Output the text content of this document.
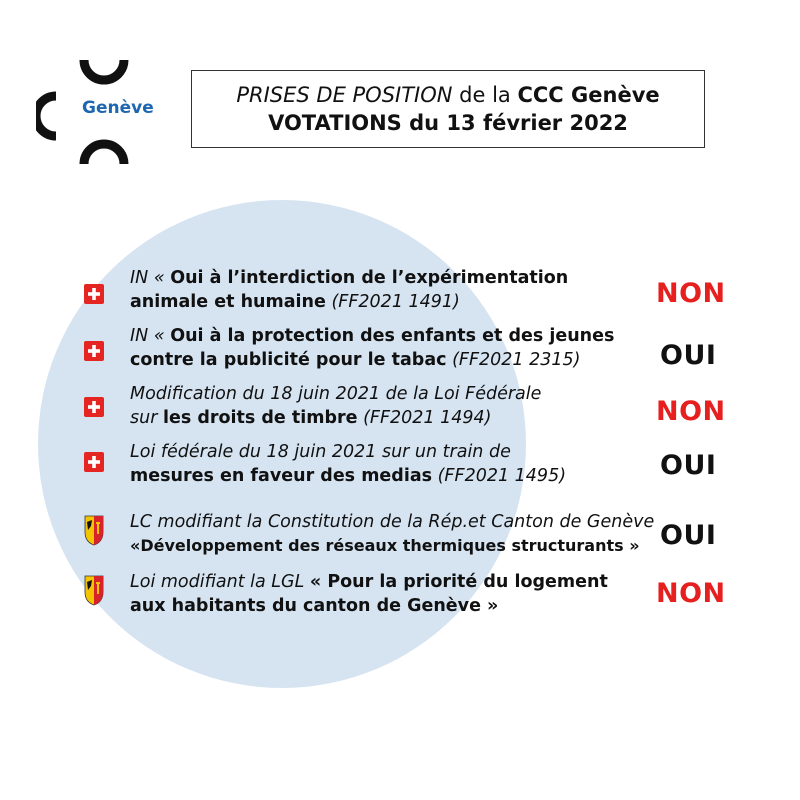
Genève
PRISES DE POSITION de la CCC Genève
VOTATIONS du 13 février 2022
IN « Oui à l’interdiction de l’expérimentation
animale et humaine (FF2021 1491)	NON
IN « Oui à la protection des enfants et des jeunes
contre la publicité pour le tabac (FF2021 2315)	OUI
Modification du 18 juin 2021 de la Loi Fédérale
sur les droits de timbre (FF2021 1494)	NON
Loi fédérale du 18 juin 2021 sur un train de
mesures en faveur des medias (FF2021 1495)	OUI
LC modifiant la Constitution de la Rép.et Canton de Genève
«Développement des réseaux thermiques structurants » OUI
Loi modifiant la LGL « Pour la priorité du logement
aux habitants du canton de Genève »	NON
